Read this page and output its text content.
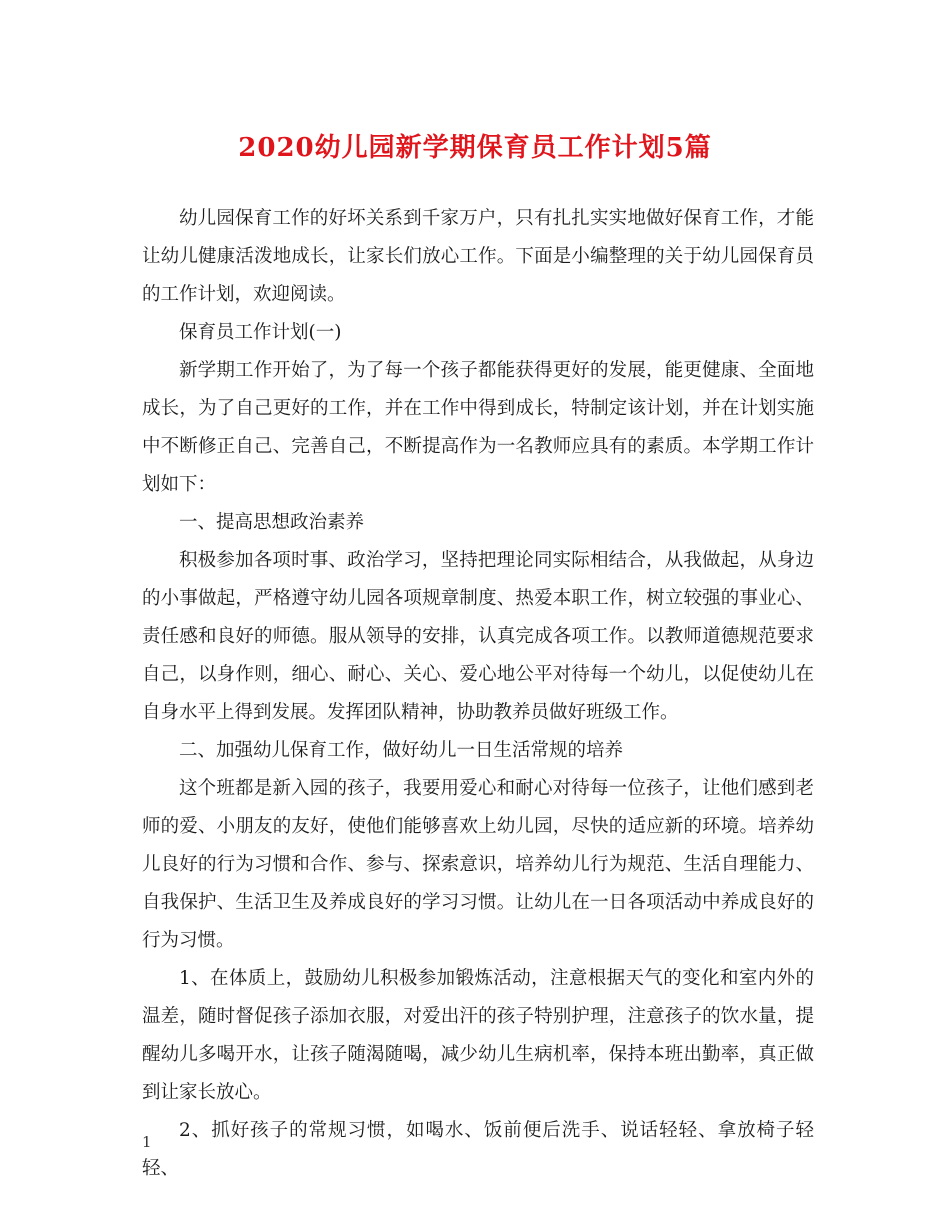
2020幼儿园新学期保育员工作计划5篇

幼儿园保育工作的好坏关系到千家万户，只有扎扎实实地做好保育工作，才能让幼儿健康活泼地成长，让家长们放心工作。下面是小编整理的关于幼儿园保育员的工作计划，欢迎阅读。

保育员工作计划(一)

新学期工作开始了，为了每一个孩子都能获得更好的发展，能更健康、全面地成长，为了自己更好的工作，并在工作中得到成长，特制定该计划，并在计划实施中不断修正自己、完善自己，不断提高作为一名教师应具有的素质。本学期工作计划如下：

一、提高思想政治素养

积极参加各项时事、政治学习，坚持把理论同实际相结合，从我做起，从身边的小事做起，严格遵守幼儿园各项规章制度、热爱本职工作，树立较强的事业心、责任感和良好的师德。服从领导的安排，认真完成各项工作。以教师道德规范要求自己，以身作则，细心、耐心、关心、爱心地公平对待每一个幼儿，以促使幼儿在自身水平上得到发展。发挥团队精神，协助教养员做好班级工作。

二、加强幼儿保育工作，做好幼儿一日生活常规的培养

这个班都是新入园的孩子，我要用爱心和耐心对待每一位孩子，让他们感到老师的爱、小朋友的友好，使他们能够喜欢上幼儿园，尽快的适应新的环境。培养幼儿良好的行为习惯和合作、参与、探索意识，培养幼儿行为规范、生活自理能力、自我保护、生活卫生及养成良好的学习习惯。让幼儿在一日各项活动中养成良好的行为习惯。

1、在体质上，鼓励幼儿积极参加锻炼活动，注意根据天气的变化和室内外的温差，随时督促孩子添加衣服，对爱出汗的孩子特别护理，注意孩子的饮水量，提醒幼儿多喝开水，让孩子随渴随喝，减少幼儿生病机率，保持本班出勤率，真正做到让家长放心。

2、抓好孩子的常规习惯，如喝水、饭前便后洗手、说话轻轻、拿放椅子轻轻、

1
